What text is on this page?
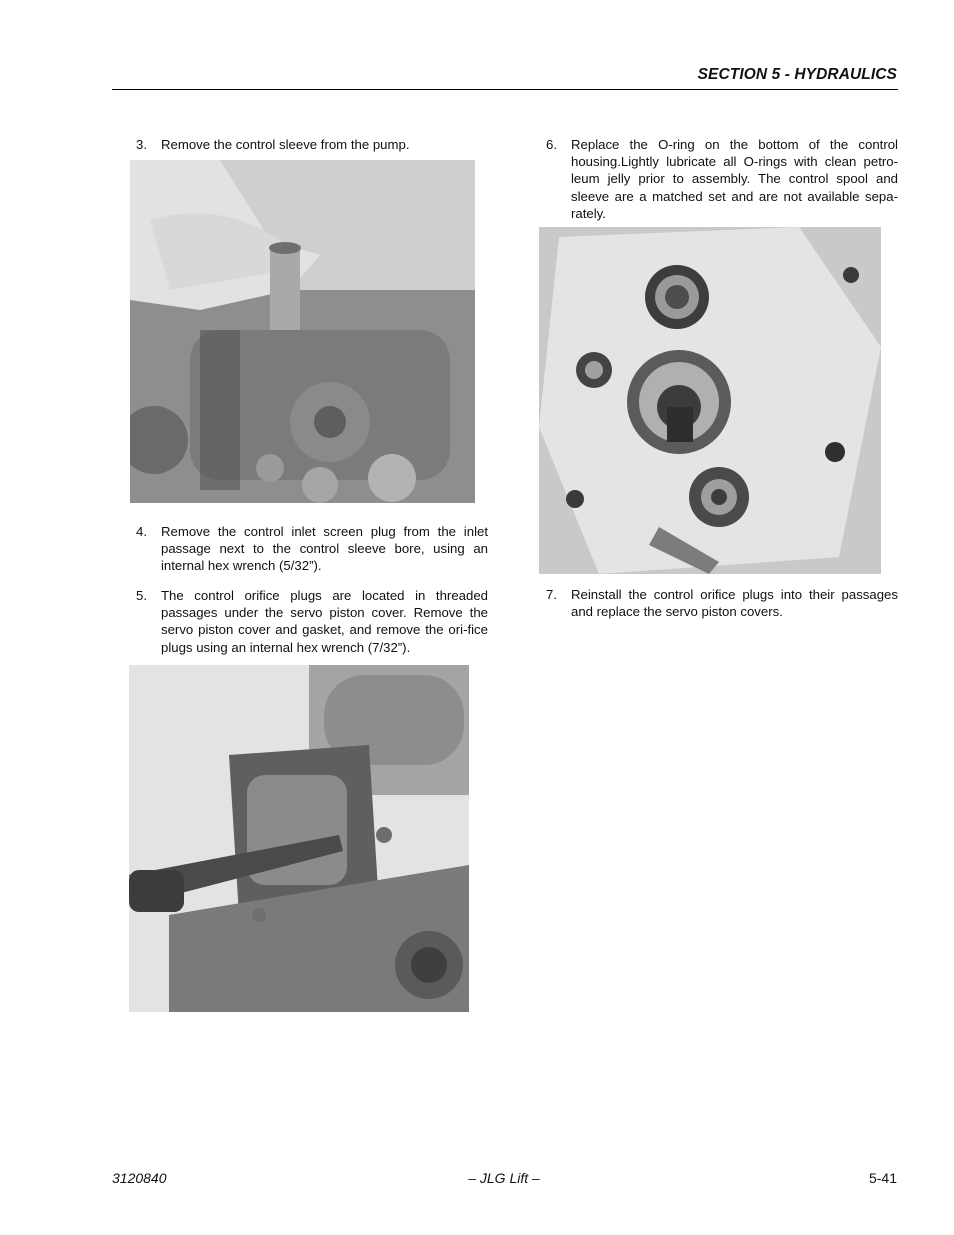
SECTION 5 - HYDRAULICS
3. Remove the control sleeve from the pump.
4. Remove the control inlet screen plug from the inlet passage next to the control sleeve bore, using an internal hex wrench (5/32”).
5. The control orifice plugs are located in threaded passages under the servo piston cover. Remove the servo piston cover and gasket, and remove the ori-fice plugs using an internal hex wrench (7/32”).
6. Replace the O-ring on the bottom of the control housing.Lightly lubricate all O-rings with clean petro-leum jelly prior to assembly. The control spool and sleeve are a matched set and are not available sepa-rately.
7. Reinstall the control orifice plugs into their passages and replace the servo piston covers.
3120840	– JLG Lift –	5-41
